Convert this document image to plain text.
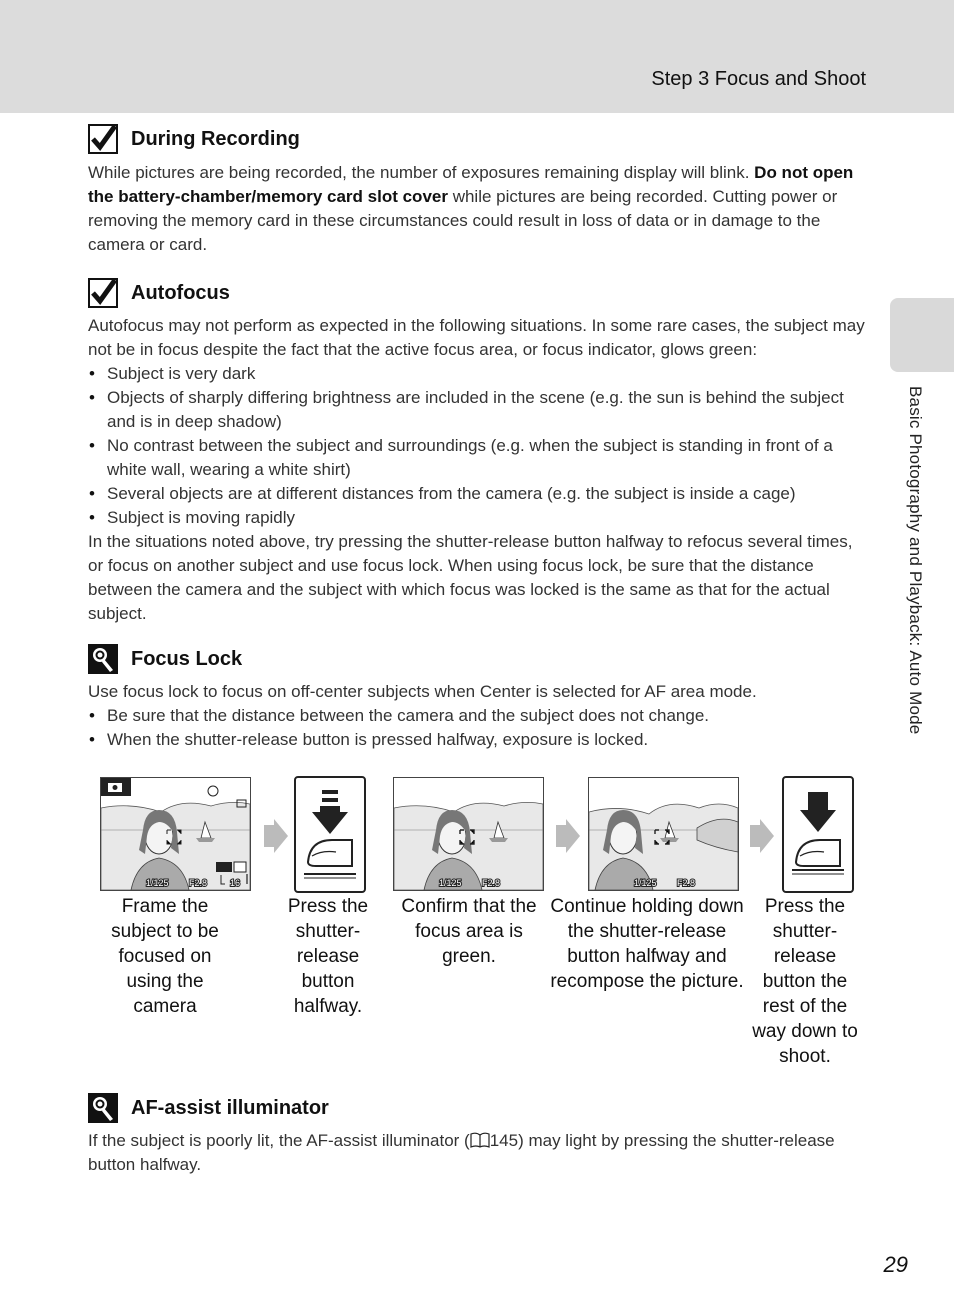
Step 3 Focus and Shoot
Basic Photography and Playback: Auto Mode
During Recording

While pictures are being recorded, the number of exposures remaining display will blink. Do not open the battery-chamber/memory card slot cover while pictures are being recorded. Cutting power or removing the memory card in these circumstances could result in loss of data or in damage to the camera or card.

Autofocus

Autofocus may not perform as expected in the following situations. In some rare cases, the subject may not be in focus despite the fact that the active focus area, or focus indicator, glows green:

• Subject is very dark
• Objects of sharply differing brightness are included in the scene (e.g. the sun is behind the subject and is in deep shadow)
• No contrast between the subject and surroundings (e.g. when the subject is standing in front of a white wall, wearing a white shirt)
• Several objects are at different distances from the camera (e.g. the subject is inside a cage)
• Subject is moving rapidly

In the situations noted above, try pressing the shutter-release button halfway to refocus several times, or focus on another subject and use focus lock. When using focus lock, be sure that the distance between the camera and the subject with which focus was locked is the same as that for the actual subject.

Focus Lock

Use focus lock to focus on off-center subjects when Center is selected for AF area mode.

• Be sure that the distance between the camera and the subject does not change.
• When the shutter-release button is pressed halfway, exposure is locked.
1/125 F2.8	16	1/125 F2.8	1/125 F2.8
Frame the subject to be focused on using the camera
Press the shutter-release button halfway.
Confirm that the focus area is green.
Continue holding down the shutter-release button halfway and recompose the picture.
Press the shutter-release button the rest of the way down to shoot.
AF-assist illuminator

If the subject is poorly lit, the AF-assist illuminator ( 145) may light by pressing the shutter-release button halfway.

29
